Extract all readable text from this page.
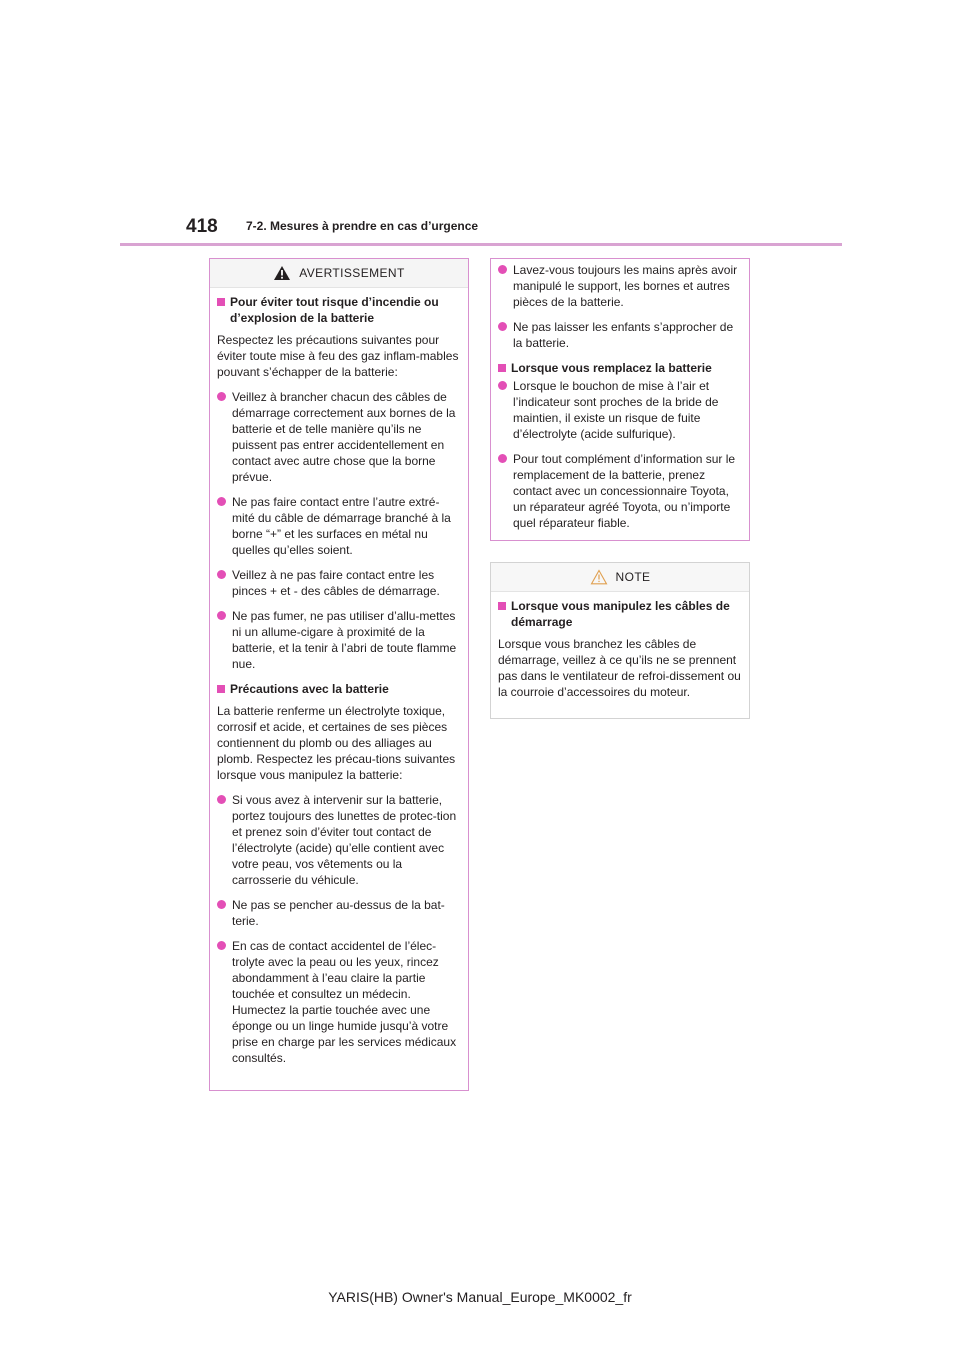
418 7-2. Mesures à prendre en cas d’urgence
AVERTISSEMENT
Pour éviter tout risque d’incendie ou d’explosion de la batterie

Respectez les précautions suivantes pour éviter toute mise à feu des gaz inflam-mables pouvant s’échapper de la batterie:

Veillez à brancher chacun des câbles de démarrage correctement aux bornes de la batterie et de telle manière qu’ils ne puissent pas entrer accidentellement en contact avec autre chose que la borne prévue.
Ne pas faire contact entre l’autre extré-mité du câble de démarrage branché à la borne “+” et les surfaces en métal nu quelles qu’elles soient.
Veillez à ne pas faire contact entre les pinces + et - des câbles de démarrage.
Ne pas fumer, ne pas utiliser d’allu-mettes ni un allume-cigare à proximité de la batterie, et la tenir à l’abri de toute flamme nue.
Précautions avec la batterie

La batterie renferme un électrolyte toxique, corrosif et acide, et certaines de ses pièces contiennent du plomb ou des alliages au plomb. Respectez les précau-tions suivantes lorsque vous manipulez la batterie:

Si vous avez à intervenir sur la batterie, portez toujours des lunettes de protec-tion et prenez soin d’éviter tout contact de l’électrolyte (acide) qu’elle contient avec votre peau, vos vêtements ou la carrosserie du véhicule.
Ne pas se pencher au-dessus de la bat-terie.
En cas de contact accidentel de l’élec-trolyte avec la peau ou les yeux, rincez abondamment à l’eau claire la partie touchée et consultez un médecin. Humectez la partie touchée avec une éponge ou un linge humide jusqu’à votre prise en charge par les services médicaux consultés.
Lavez-vous toujours les mains après avoir manipulé le support, les bornes et autres pièces de la batterie.
Ne pas laisser les enfants s’approcher de la batterie.
Lorsque vous remplacez la batterie
Lorsque le bouchon de mise à l’air et l’indicateur sont proches de la bride de maintien, il existe un risque de fuite d’électrolyte (acide sulfurique).
Pour tout complément d’information sur le remplacement de la batterie, prenez contact avec un concessionnaire Toyota, un réparateur agréé Toyota, ou n’importe quel réparateur fiable.
NOTE
Lorsque vous manipulez les câbles de démarrage

Lorsque vous branchez les câbles de démarrage, veillez à ce qu’ils ne se prennent pas dans le ventilateur de refroi-dissement ou la courroie d’accessoires du moteur.

YARIS(HB) Owner's Manual_Europe_MK0002_fr
